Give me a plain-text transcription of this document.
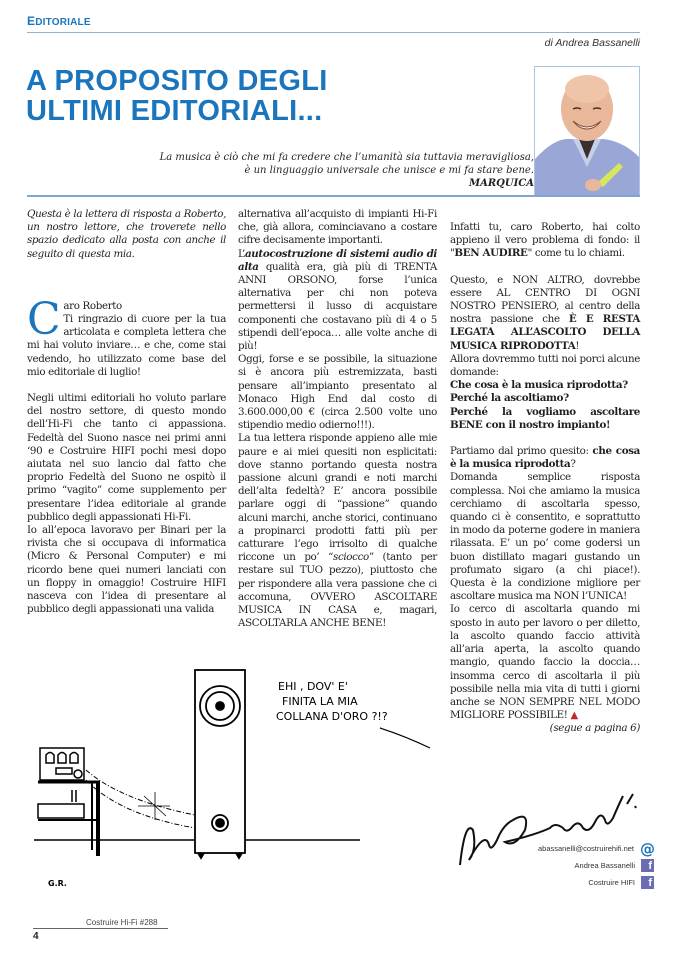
EDITORIALE
di Andrea Bassanelli
A PROPOSITO DEGLI
ULTIMI EDITORIALI...
La musica è ciò che mi fa credere che l’umanità sia tuttavia meravigliosa,
è un linguaggio universale che unisce e mi fa stare bene.
MARQUICA

Questa è la lettera di risposta a Roberto, un nostro lettore, che troverete nello spazio dedicato alla posta con anche il seguito di questa mia.

Caro Roberto
Ti ringrazio di cuore per la tua articolata e completa lettera che mi hai voluto inviare… e che, come stai vedendo, ho utilizzato come base del mio editoriale di luglio!

Negli ultimi editoriali ho voluto parlare del nostro settore, di questo mondo dell’Hi-Fi che tanto ci appassiona. Fedeltà del Suono nasce nei primi anni ‘90 e Costruire HIFI pochi mesi dopo aiutata nel suo lancio dal fatto che proprio Fedeltà del Suono ne ospitò il primo “vagito” come supplemento per presentare l’idea editoriale al grande pubblico degli appassionati Hi-Fi.

Io all’epoca lavoravo per Binari per la rivista che si occupava di informatica (Micro & Personal Computer) e mi ricordo bene quei numeri lanciati con un floppy in omaggio! Costruire HIFI nasceva con l’idea di presentare al pubblico degli appassionati una valida

alternativa all’acquisto di impianti Hi-Fi che, già allora, cominciavano a costare cifre decisamente importanti.

L’autocostruzione di sistemi audio di alta qualità era, già più di TRENTA ANNI ORSONO, forse l’unica alternativa per chi non poteva permettersi il lusso di acquistare componenti che costavano più di 4 o 5 stipendi dell’epoca… alle volte anche di più!

Oggi, forse e se possibile, la situazione si è ancora più estremizzata, basti pensare all’impianto presentato al Monaco High End dal costo di 3.600.000,00 € (circa 2.500 volte uno stipendio medio odierno!!!).

La tua lettera risponde appieno alle mie paure e ai miei quesiti non esplicitati: dove stanno portando questa nostra passione alcuni grandi e noti marchi dell’alta fedeltà? E’ ancora possibile parlare oggi di “passione” quando alcuni marchi, anche storici, continuano a propinarci prodotti fatti più per catturare l’ego irrisolto di qualche riccone un po’ “sciocco” (tanto per restare sul TUO pezzo), piuttosto che per rispondere alla vera passione che ci accomuna, OVVERO ASCOLTARE MUSICA IN CASA e, magari, ASCOLTARLA ANCHE BENE!

Infatti tu, caro Roberto, hai colto appieno il vero problema di fondo: il "BEN AUDIRE" come tu lo chiami.

Questo, e NON ALTRO, dovrebbe essere AL CENTRO DI OGNI NOSTRO PENSIERO, al centro della nostra passione che È E RESTA LEGATA ALL’ASCOLTO DELLA MUSICA RIPRODOTTA!

Allora dovremmo tutti noi porci alcune domande:

Che cosa è la musica riprodotta?

Perché la ascoltiamo?

Perché la vogliamo ascoltare BENE con il nostro impianto!

Partiamo dal primo quesito: che cosa è la musica riprodotta?

Domanda semplice risposta complessa. Noi che amiamo la musica cerchiamo di ascoltarla spesso, quando ci è consentito, e soprattutto in modo da poterne godere in maniera rilassata. E’ un po’ come godersi un buon distillato magari gustando un profumato sigaro (a chi piace!). Questa è la condizione migliore per ascoltare musica ma NON l’UNICA!

Io cerco di ascoltarla quando mi sposto in auto per lavoro o per diletto, la ascolto quando faccio attività all’aria aperta, la ascolto quando mangio, quando faccio la doccia… insomma cerco di ascoltarla il più possibile nella mia vita di tutti i giorni anche se NON SEMPRE NEL MODO MIGLIORE POSSIBILE! ▲

(segue a pagina 6)

EHI , DOV' E'
FINITA LA MIA
COLLANA D'ORO ?!?
G.R.
abassanelli@costruirehifi.net @
Andrea Bassanelli	f
Costruire HIFI	f
Costruire Hi-Fi #288
4
